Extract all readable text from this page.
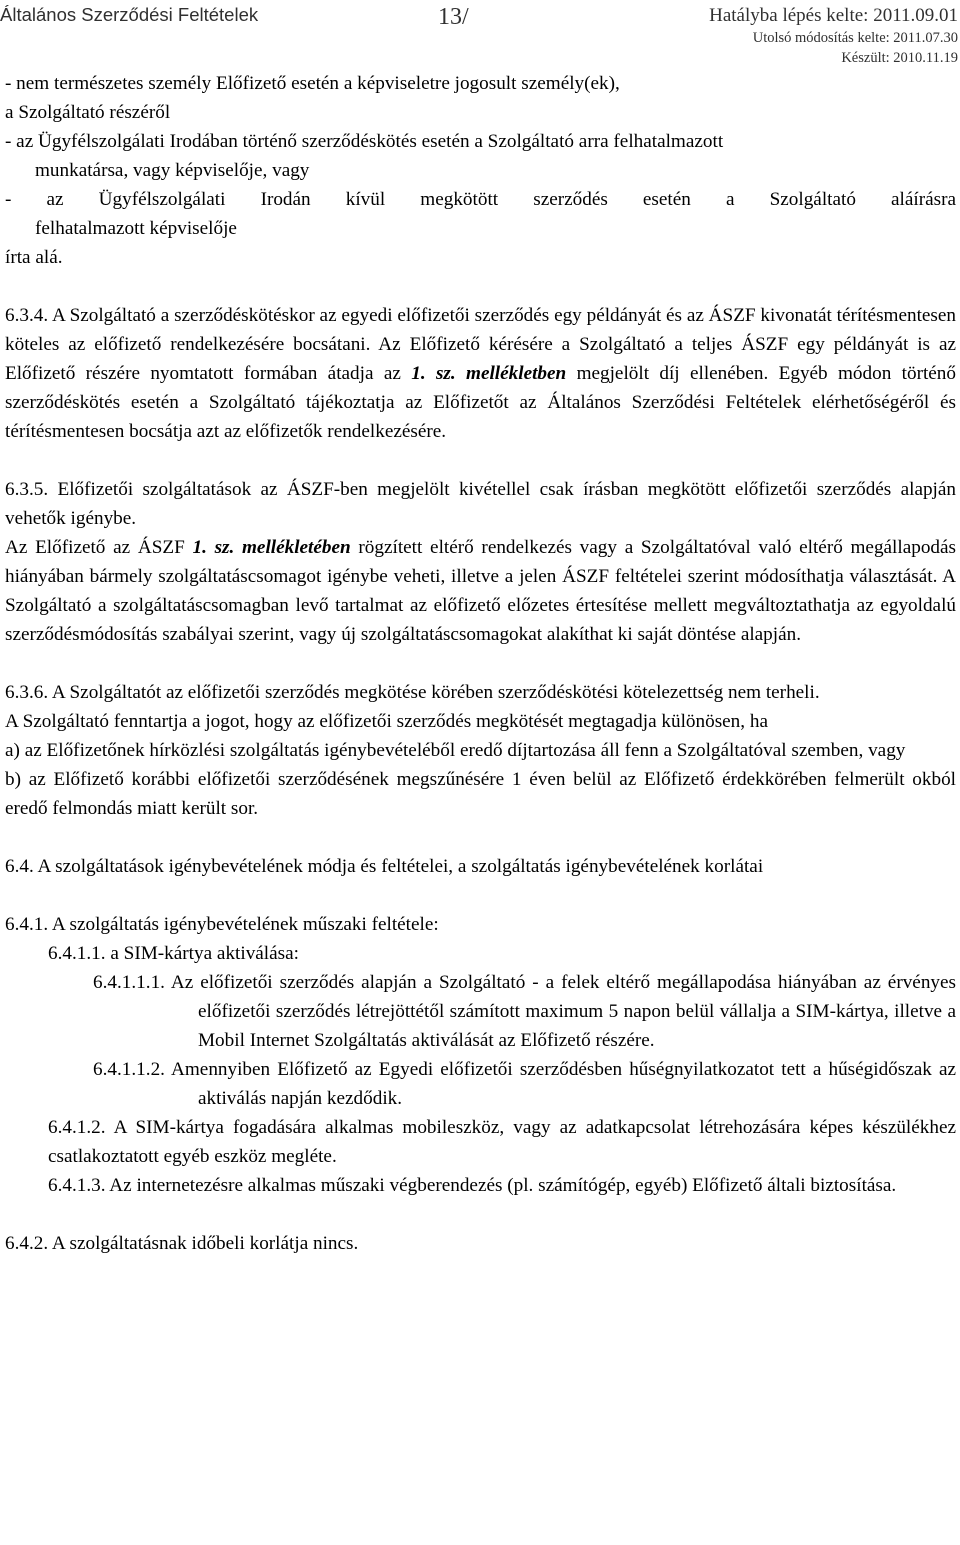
Általános Szerződési Feltételek	13/	Hatályba lépés kelte: 2011.09.01
Utolsó módosítás kelte: 2011.07.30
Készült: 2010.11.19

- nem természetes személy Előfizető esetén a képviseletre jogosult személy(ek),

a Szolgáltató részéről

- az Ügyfélszolgálati Irodában történő szerződéskötés esetén a Szolgáltató arra felhatalmazott

munkatársa, vagy képviselője, vagy

- az Ügyfélszolgálati Irodán kívül megkötött szerződés esetén a Szolgáltató aláírásra

felhatalmazott képviselője

írta alá.

6.3.4. A Szolgáltató a szerződéskötéskor az egyedi előfizetői szerződés egy példányát és az ÁSZF kivonatát térítésmentesen köteles az előfizető rendelkezésére bocsátani. Az Előfizető kérésére a Szolgáltató a teljes ÁSZF egy példányát is az Előfizető részére nyomtatott formában átadja az 1. sz. mellékletben megjelölt díj ellenében. Egyéb módon történő szerződéskötés esetén a Szolgáltató tájékoztatja az Előfizetőt az Általános Szerződési Feltételek elérhetőségéről és térítésmentesen bocsátja azt az előfizetők rendelkezésére.

6.3.5. Előfizetői szolgáltatások az ÁSZF-ben megjelölt kivétellel csak írásban megkötött előfizetői szerződés alapján vehetők igénybe.

Az Előfizető az ÁSZF 1. sz. mellékletében rögzített eltérő rendelkezés vagy a Szolgáltatóval való eltérő megállapodás hiányában bármely szolgáltatáscsomagot igénybe veheti, illetve a jelen ÁSZF feltételei szerint módosíthatja választását. A Szolgáltató a szolgáltatáscsomagban levő tartalmat az előfizető előzetes értesítése mellett megváltoztathatja az egyoldalú szerződésmódosítás szabályai szerint, vagy új szolgáltatáscsomagokat alakíthat ki saját döntése alapján.

6.3.6. A Szolgáltatót az előfizetői szerződés megkötése körében szerződéskötési kötelezettség nem terheli.

A Szolgáltató fenntartja a jogot, hogy az előfizetői szerződés megkötését megtagadja különösen, ha

a) az Előfizetőnek hírközlési szolgáltatás igénybevételéből eredő díjtartozása áll fenn a Szolgáltatóval szemben, vagy

b) az Előfizető korábbi előfizetői szerződésének megszűnésére 1 éven belül az Előfizető érdekkörében felmerült okból eredő felmondás miatt került sor.

6.4. A szolgáltatások igénybevételének módja és feltételei, a szolgáltatás igénybevételének korlátai

6.4.1. A szolgáltatás igénybevételének műszaki feltétele:

6.4.1.1. a SIM-kártya aktiválása:

6.4.1.1.1. Az előfizetői szerződés alapján a Szolgáltató - a felek eltérő megállapodása hiányában az érvényes előfizetői szerződés létrejöttétől számított maximum 5 napon belül vállalja a SIM-kártya, illetve a Mobil Internet Szolgáltatás aktiválását az Előfizető részére.

6.4.1.1.2. Amennyiben Előfizető az Egyedi előfizetői szerződésben hűségnyilatkozatot tett a hűségidőszak az aktiválás napján kezdődik.

6.4.1.2. A SIM-kártya fogadására alkalmas mobileszköz, vagy az adatkapcsolat létrehozására képes készülékhez csatlakoztatott egyéb eszköz megléte.

6.4.1.3. Az internetezésre alkalmas műszaki végberendezés (pl. számítógép, egyéb) Előfizető általi biztosítása.

6.4.2. A szolgáltatásnak időbeli korlátja nincs.
